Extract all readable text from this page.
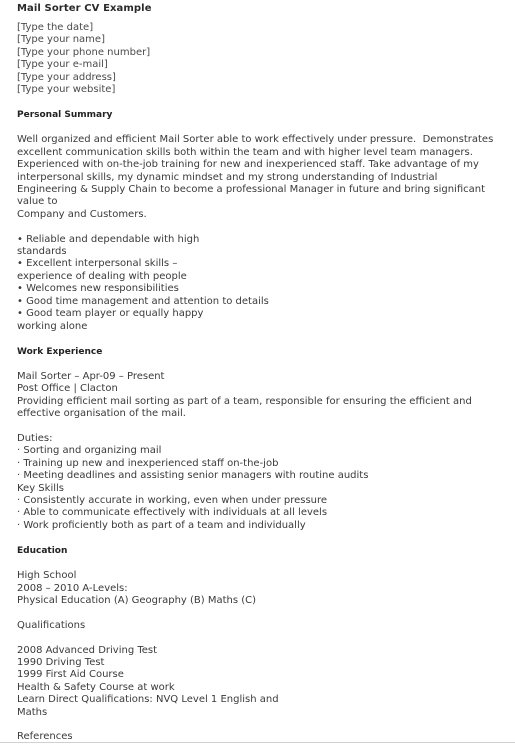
Mail Sorter CV Example
[Type the date]
[Type your name]
[Type your phone number]
[Type your e-mail]
[Type your address]
[Type your website]
Personal Summary
Well organized and efficient Mail Sorter able to work effectively under pressure.  Demonstrates
excellent communication skills both within the team and with higher level team managers.
Experienced with on-the-job training for new and inexperienced staff. Take advantage of my
interpersonal skills, my dynamic mindset and my strong understanding of Industrial
Engineering & Supply Chain to become a professional Manager in future and bring significant
value to
Company and Customers.
• Reliable and dependable with high
standards
• Excellent interpersonal skills –
experience of dealing with people
• Welcomes new responsibilities
• Good time management and attention to details
• Good team player or equally happy
working alone
Work Experience
Mail Sorter – Apr-09 – Present
Post Office | Clacton
Providing efficient mail sorting as part of a team, responsible for ensuring the efficient and
effective organisation of the mail.
Duties:
· Sorting and organizing mail
· Training up new and inexperienced staff on-the-job
· Meeting deadlines and assisting senior managers with routine audits
Key Skills
· Consistently accurate in working, even when under pressure
· Able to communicate effectively with individuals at all levels
· Work proficiently both as part of a team and individually
Education
High School
2008 – 2010 A-Levels:
Physical Education (A) Geography (B) Maths (C)
Qualifications
2008 Advanced Driving Test
1990 Driving Test
1999 First Aid Course
Health & Safety Course at work
Learn Direct Qualifications: NVQ Level 1 English and
Maths
References
